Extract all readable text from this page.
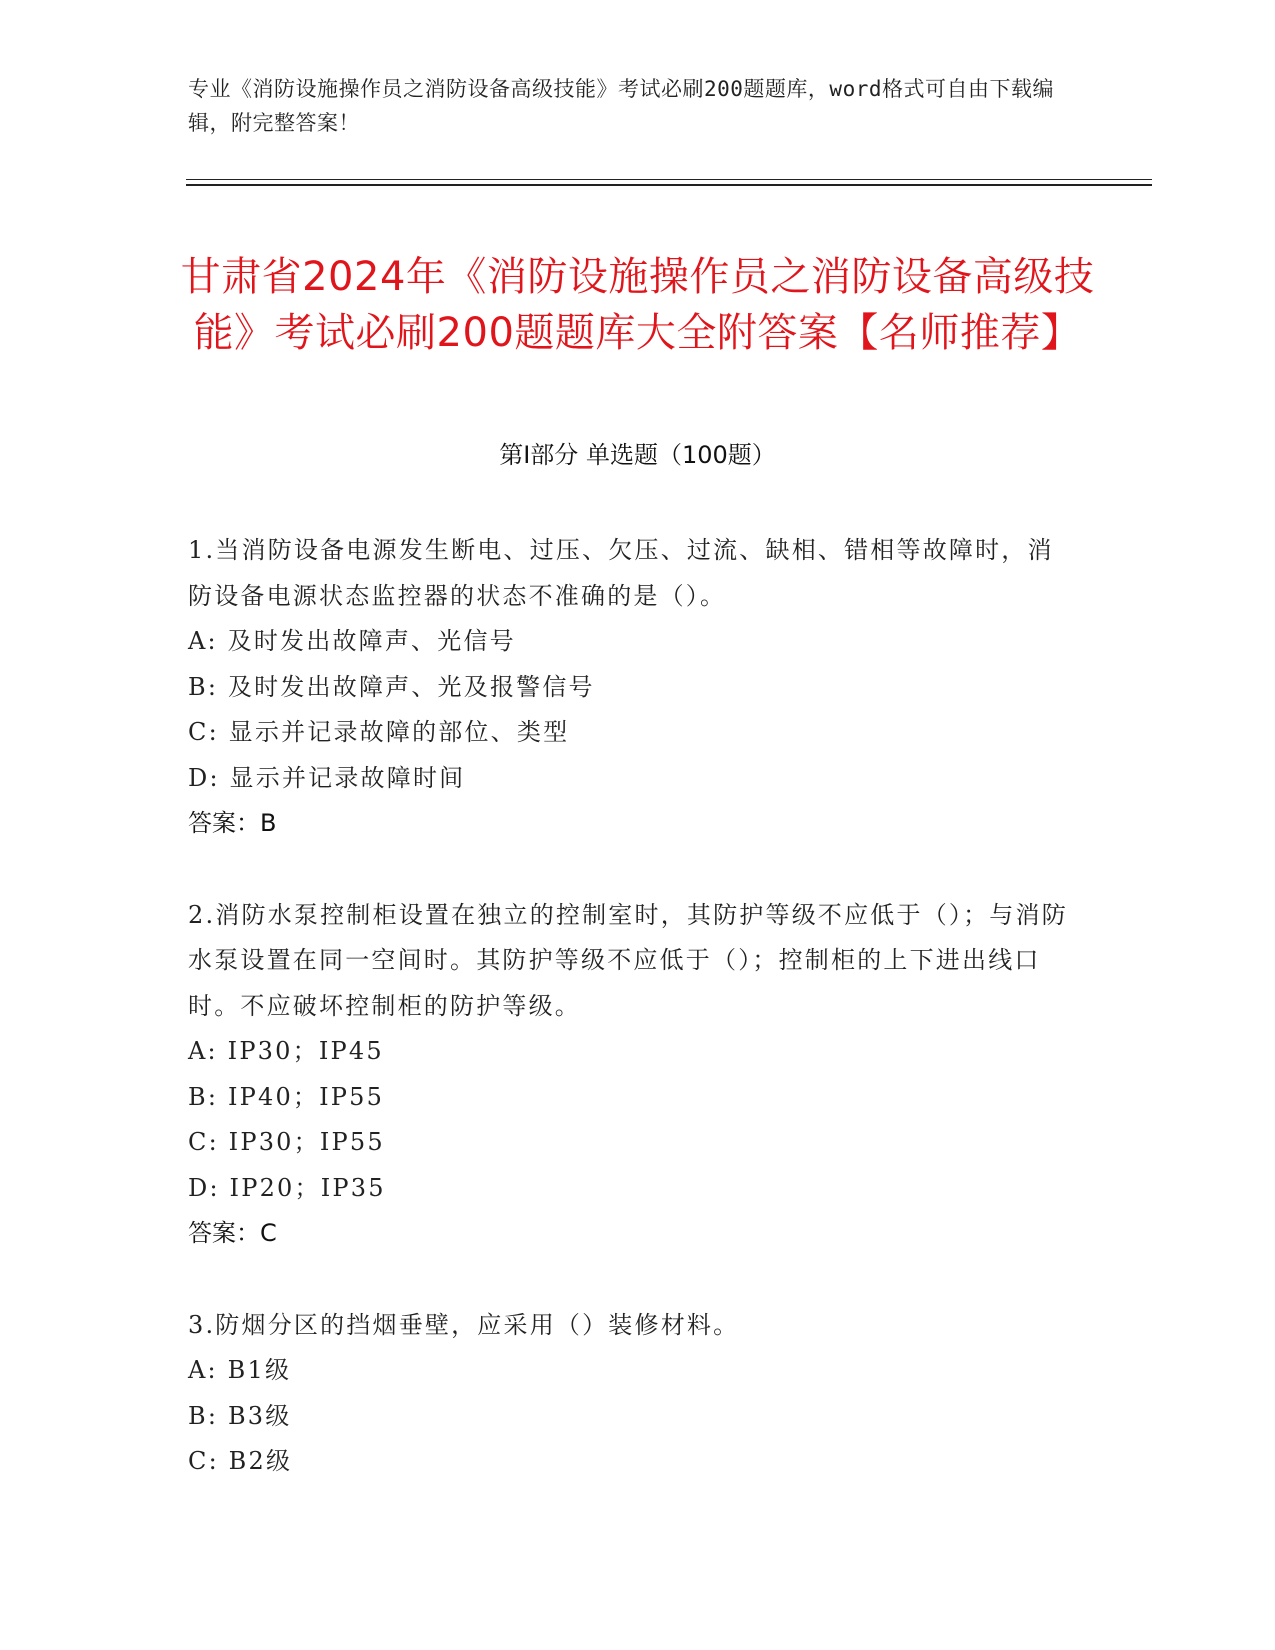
专业《消防设施操作员之消防设备高级技能》考试必刷200题题库，word格式可自由下载编辑，附完整答案！
甘肃省2024年《消防设施操作员之消防设备高级技能》考试必刷200题题库大全附答案【名师推荐】
第I部分 单选题（100题）

1.当消防设备电源发生断电、过压、欠压、过流、缺相、错相等故障时，消防设备电源状态监控器的状态不准确的是（）。

A: 及时发出故障声、光信号

B: 及时发出故障声、光及报警信号

C: 显示并记录故障的部位、类型

D: 显示并记录故障时间

答案：B

2.消防水泵控制柜设置在独立的控制室时，其防护等级不应低于（）；与消防水泵设置在同一空间时。其防护等级不应低于（）；控制柜的上下进出线口时。不应破坏控制柜的防护等级。

A: IP30；IP45

B: IP40；IP55

C: IP30；IP55

D: IP20；IP35

答案：C

3.防烟分区的挡烟垂壁，应采用（）装修材料。

A: B1级

B: B3级

C: B2级
